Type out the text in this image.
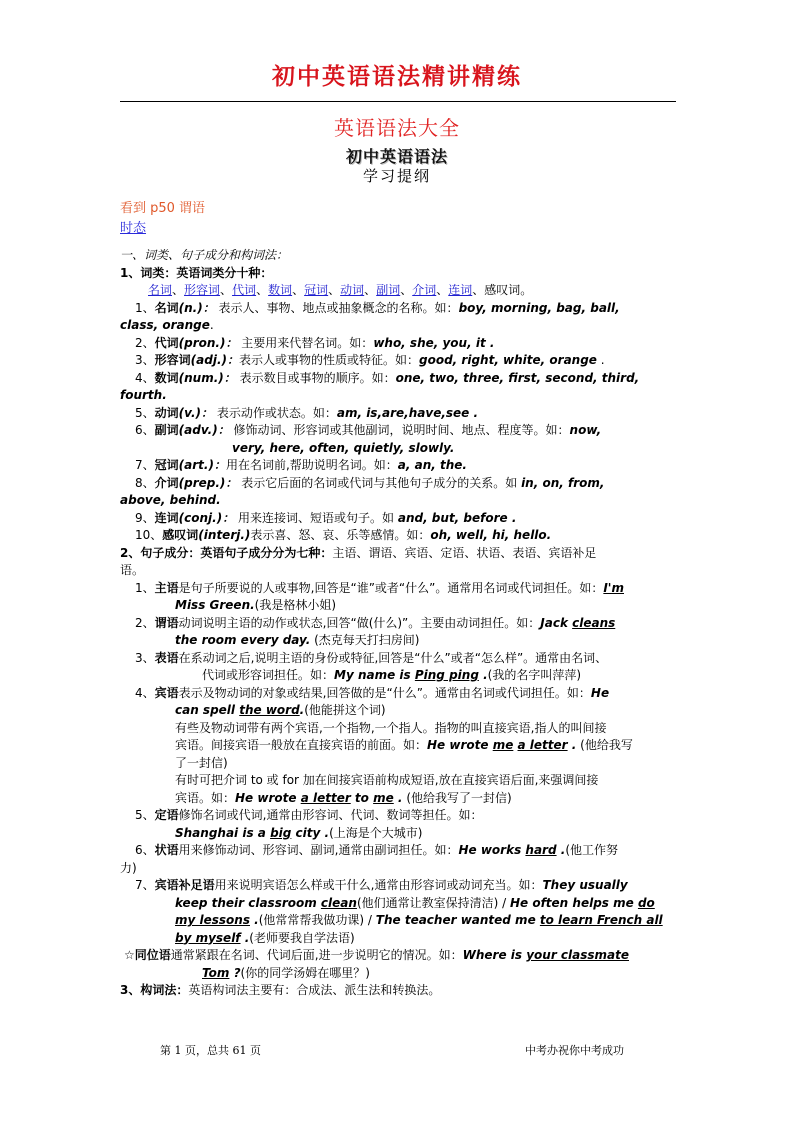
初中英语语法精讲精练
英语语法大全
初中英语语法
学习提纲
看到 p50 谓语
时态
一、词类、句子成分和构词法：
1、词类：英语词类分十种：
名词、形容词、代词、数词、冠词、动词、副词、介词、连词、感叹词。
1、名词(n.)： 表示人、事物、地点或抽象概念的名称。如：boy, morning, bag, ball,
class, orange.
2、代词(pron.)： 主要用来代替名词。如：who, she, you, it .
3、形容词(adj.)：表示人或事物的性质或特征。如：good, right, white, orange .
4、数词(num.)： 表示数目或事物的顺序。如：one, two, three, first, second, third,
fourth.
5、动词(v.)： 表示动作或状态。如：am, is,are,have,see .
6、副词(adv.)： 修饰动词、形容词或其他副词，说明时间、地点、程度等。如：now,
very, here, often, quietly, slowly.
7、冠词(art.)：用在名词前,帮助说明名词。如：a, an, the.
8、介词(prep.)： 表示它后面的名词或代词与其他句子成分的关系。如 in, on, from,
above, behind.
9、连词(conj.)： 用来连接词、短语或句子。如 and, but, before .
10、感叹词(interj.)表示喜、怒、哀、乐等感情。如：oh, well, hi, hello.
2、句子成分：英语句子成分分为七种：主语、谓语、宾语、定语、状语、表语、宾语补足
语。
1、主语是句子所要说的人或事物,回答是“谁”或者“什么”。通常用名词或代词担任。如：I'm
Miss Green.(我是格林小姐)
2、谓语动词说明主语的动作或状态,回答“做(什么)”。主要由动词担任。如：Jack cleans
the room every day. (杰克每天打扫房间)
3、表语在系动词之后,说明主语的身份或特征,回答是“什么”或者“怎么样”。通常由名词、
代词或形容词担任。如：My name is Ping ping .(我的名字叫萍萍)
4、宾语表示及物动词的对象或结果,回答做的是“什么”。通常由名词或代词担任。如：He
can spell the word.(他能拼这个词)
有些及物动词带有两个宾语,一个指物,一个指人。指物的叫直接宾语,指人的叫间接
宾语。间接宾语一般放在直接宾语的前面。如：He wrote me a letter . (他给我写
了一封信)
有时可把介词 to 或 for 加在间接宾语前构成短语,放在直接宾语后面,来强调间接
宾语。如：He wrote a letter to me . (他给我写了一封信)
5、定语修饰名词或代词,通常由形容词、代词、数词等担任。如：
Shanghai is a big city .(上海是个大城市)
6、状语用来修饰动词、形容词、副词,通常由副词担任。如：He works hard .(他工作努
力)
7、宾语补足语用来说明宾语怎么样或干什么,通常由形容词或动词充当。如：They usually
keep their classroom clean(他们通常让教室保持清洁) / He often helps me do
my lessons .(他常常帮我做功课) / The teacher wanted me to learn French all
by myself .(老师要我自学法语)
☆同位语通常紧跟在名词、代词后面,进一步说明它的情况。如：Where is your classmate
Tom ?(你的同学汤姆在哪里？)
3、构词法：英语构词法主要有：合成法、派生法和转换法。
第 1 页，总共 61 页	中考办祝你中考成功
